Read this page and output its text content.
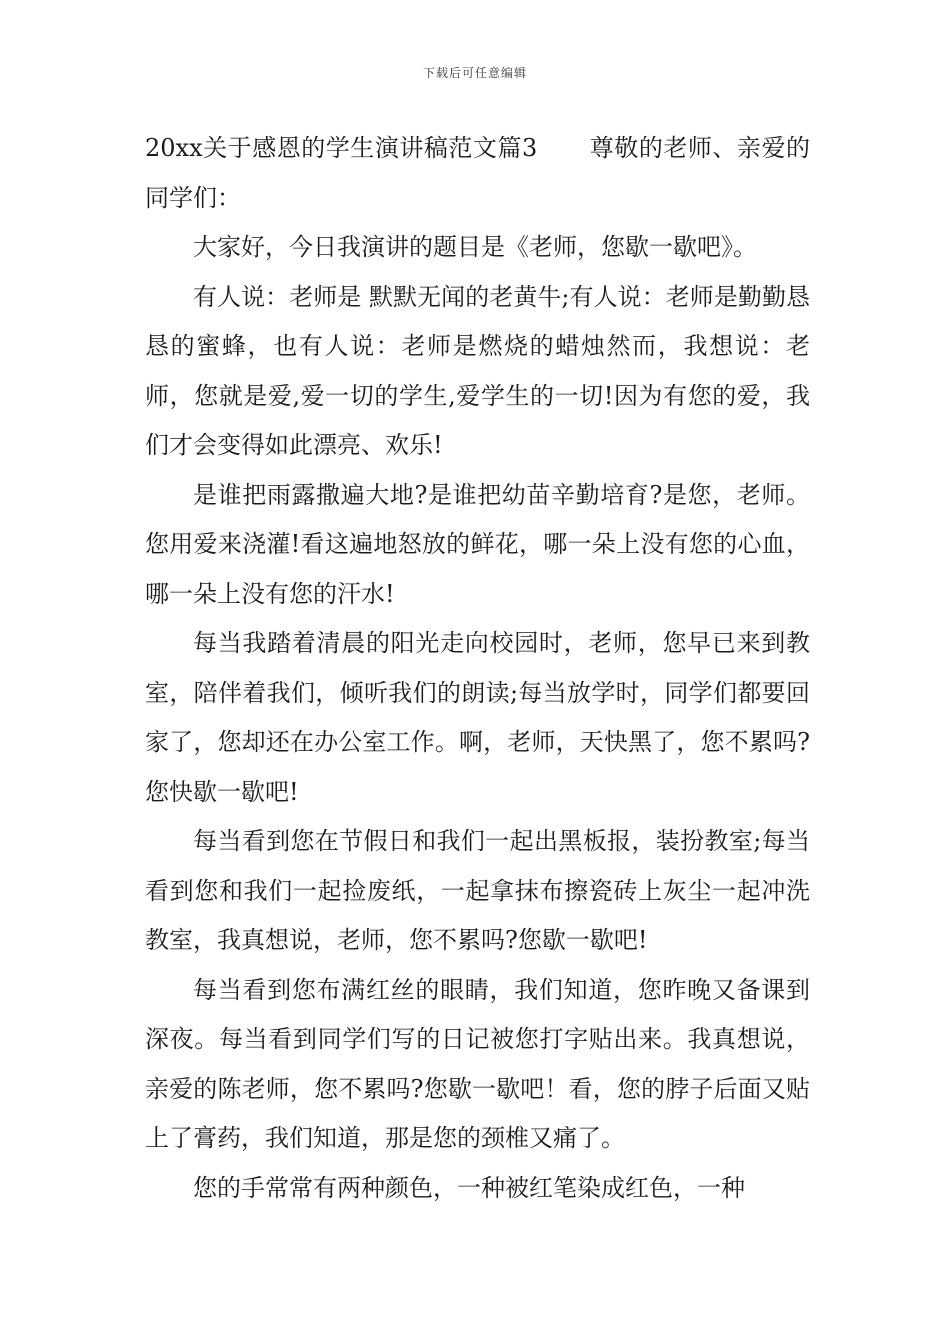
下载后可任意编辑

20xx关于感恩的学生演讲稿范文篇3 尊敬的老师、亲爱的同学们：

大家好，今日我演讲的题目是《老师，您歇一歇吧》。

有人说：老师是 默默无闻的老黄牛;有人说：老师是勤勤恳恳的蜜蜂，也有人说：老师是燃烧的蜡烛然而，我想说：老师，您就是爱,爱一切的学生,爱学生的一切!因为有您的爱，我们才会变得如此漂亮、欢乐!

是谁把雨露撒遍大地?是谁把幼苗辛勤培育?是您，老师。您用爱来浇灌!看这遍地怒放的鲜花，哪一朵上没有您的心血，哪一朵上没有您的汗水!

每当我踏着清晨的阳光走向校园时，老师，您早已来到教室，陪伴着我们，倾听我们的朗读;每当放学时，同学们都要回家了，您却还在办公室工作。啊，老师，天快黑了，您不累吗?您快歇一歇吧!

每当看到您在节假日和我们一起出黑板报，装扮教室;每当看到您和我们一起捡废纸，一起拿抹布擦瓷砖上灰尘一起冲洗教室，我真想说，老师，您不累吗?您歇一歇吧!

每当看到您布满红丝的眼睛，我们知道，您昨晚又备课到深夜。每当看到同学们写的日记被您打字贴出来。我真想说，亲爱的陈老师，您不累吗?您歇一歇吧！看，您的脖子后面又贴上了膏药，我们知道，那是您的颈椎又痛了。

您的手常常有两种颜色，一种被红笔染成红色，一种
